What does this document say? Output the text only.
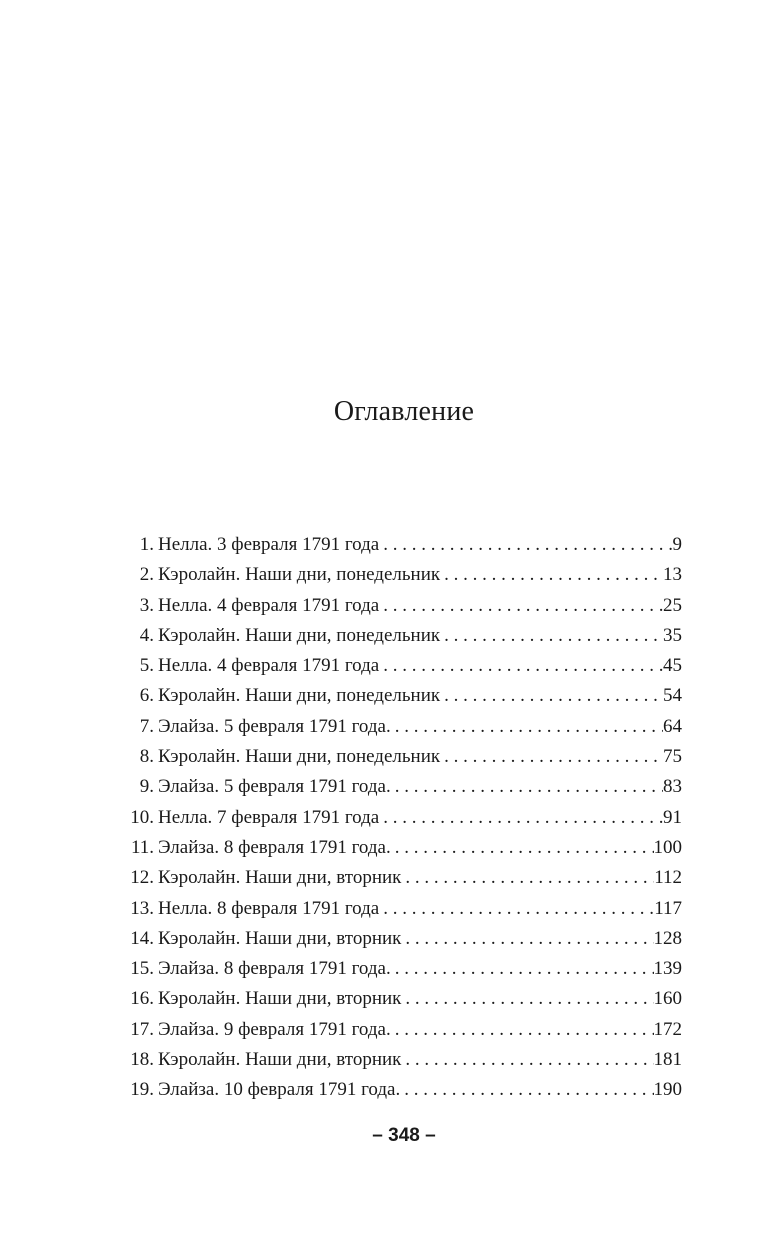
Оглавление
1. Нелла. 3 февраля 1791 года . . .	9
2. Кэролайн. Наши дни, понедельник . . .	13
3. Нелла. 4 февраля 1791 года . . .	25
4. Кэролайн. Наши дни, понедельник . . .	35
5. Нелла. 4 февраля 1791 года . . .	45
6. Кэролайн. Наши дни, понедельник . . .	54
7. Элайза. 5 февраля 1791 года. . . .	64
8. Кэролайн. Наши дни, понедельник . . .	75
9. Элайза. 5 февраля 1791 года. . . .	83
10. Нелла. 7 февраля 1791 года . . .	91
11. Элайза. 8 февраля 1791 года. . . .	100
12. Кэролайн. Наши дни, вторник . . .	112
13. Нелла. 8 февраля 1791 года . . .	117
14. Кэролайн. Наши дни, вторник . . .	128
15. Элайза. 8 февраля 1791 года. . . .	139
16. Кэролайн. Наши дни, вторник . . .	160
17. Элайза. 9 февраля 1791 года. . . .	172
18. Кэролайн. Наши дни, вторник . . .	181
19. Элайза. 10 февраля 1791 года. . . .	190
– 348 –
